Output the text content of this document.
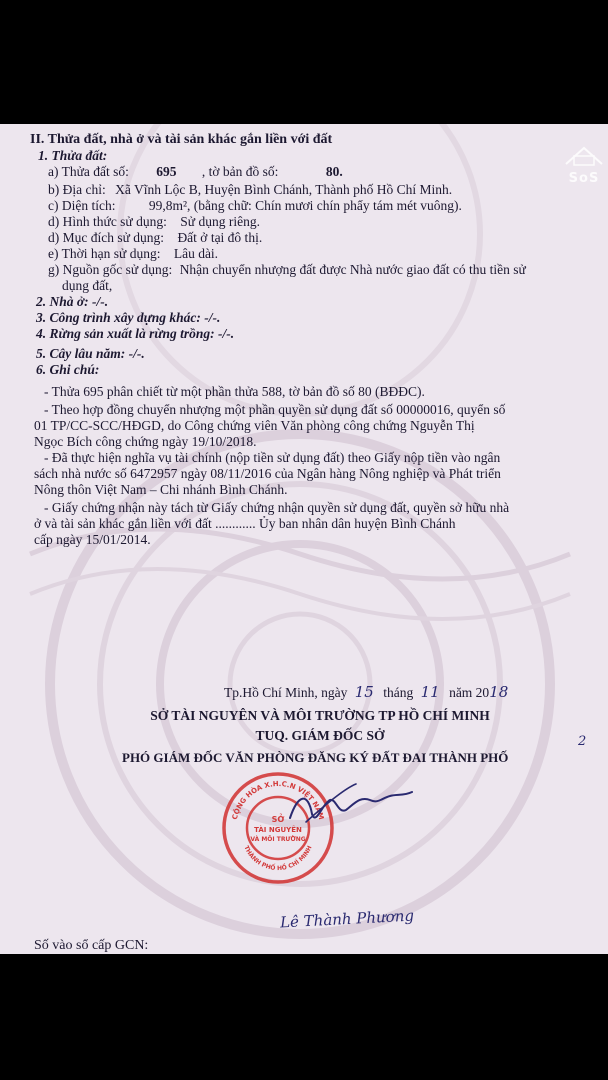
SoS
II. Thửa đất, nhà ở và tài sản khác gắn liền với đất
1. Thửa đất:
a) Thửa đất số: 695 , tờ bản đồ số:	80.
b) Địa chỉ: Xã Vĩnh Lộc B, Huyện Bình Chánh, Thành phố Hồ Chí Minh.
c) Diện tích: 99,8m², (bằng chữ: Chín mươi chín phẩy tám mét vuông).
d) Hình thức sử dụng: Sử dụng riêng.
d) Mục đích sử dụng: Đất ở tại đô thị.
e) Thời hạn sử dụng: Lâu dài.
g) Nguồn gốc sử dụng: Nhận chuyển nhượng đất được Nhà nước giao đất có thu tiền sử
dụng đất,
2. Nhà ở: -/-.
3. Công trình xây dựng khác: -/-.
4. Rừng sản xuất là rừng trồng: -/-.
5. Cây lâu năm: -/-.
6. Ghi chú:
- Thửa 695 phân chiết từ một phần thửa 588, tờ bản đồ số 80 (BĐĐC).
- Theo hợp đồng chuyển nhượng một phần quyền sử dụng đất số 00000016, quyển số
01 TP/CC-SCC/HĐGD, do Công chứng viên Văn phòng công chứng Nguyễn Thị
Ngọc Bích công chứng ngày 19/10/2018.
- Đã thực hiện nghĩa vụ tài chính (nộp tiền sử dụng đất) theo Giấy nộp tiền vào ngân
sách nhà nước số 6472957 ngày 08/11/2016 của Ngân hàng Nông nghiệp và Phát triển
Nông thôn Việt Nam – Chi nhánh Bình Chánh.
- Giấy chứng nhận này tách từ Giấy chứng nhận quyền sử dụng đất, quyền sở hữu nhà
ở và tài sản khác gắn liền với đất ............ Ủy ban nhân dân huyện Bình Chánh
cấp ngày 15/01/2014.
Tp.Hồ Chí Minh, ngày 15 tháng 11 năm 2018
SỞ TÀI NGUYÊN VÀ MÔI TRƯỜNG TP HỒ CHÍ MINH
TUQ. GIÁM ĐỐC SỞ
PHÓ GIÁM ĐỐC VĂN PHÒNG ĐĂNG KÝ ĐẤT ĐAI THÀNH PHỐ
2
CỘNG HÒA X.H.C.N VIỆT NAM
THÀNH PHỐ HỒ CHÍ MINH
SỞ
TÀI NGUYÊN
VÀ MÔI TRƯỜNG
Lê Thành Phương
Số vào sổ cấp GCN:
